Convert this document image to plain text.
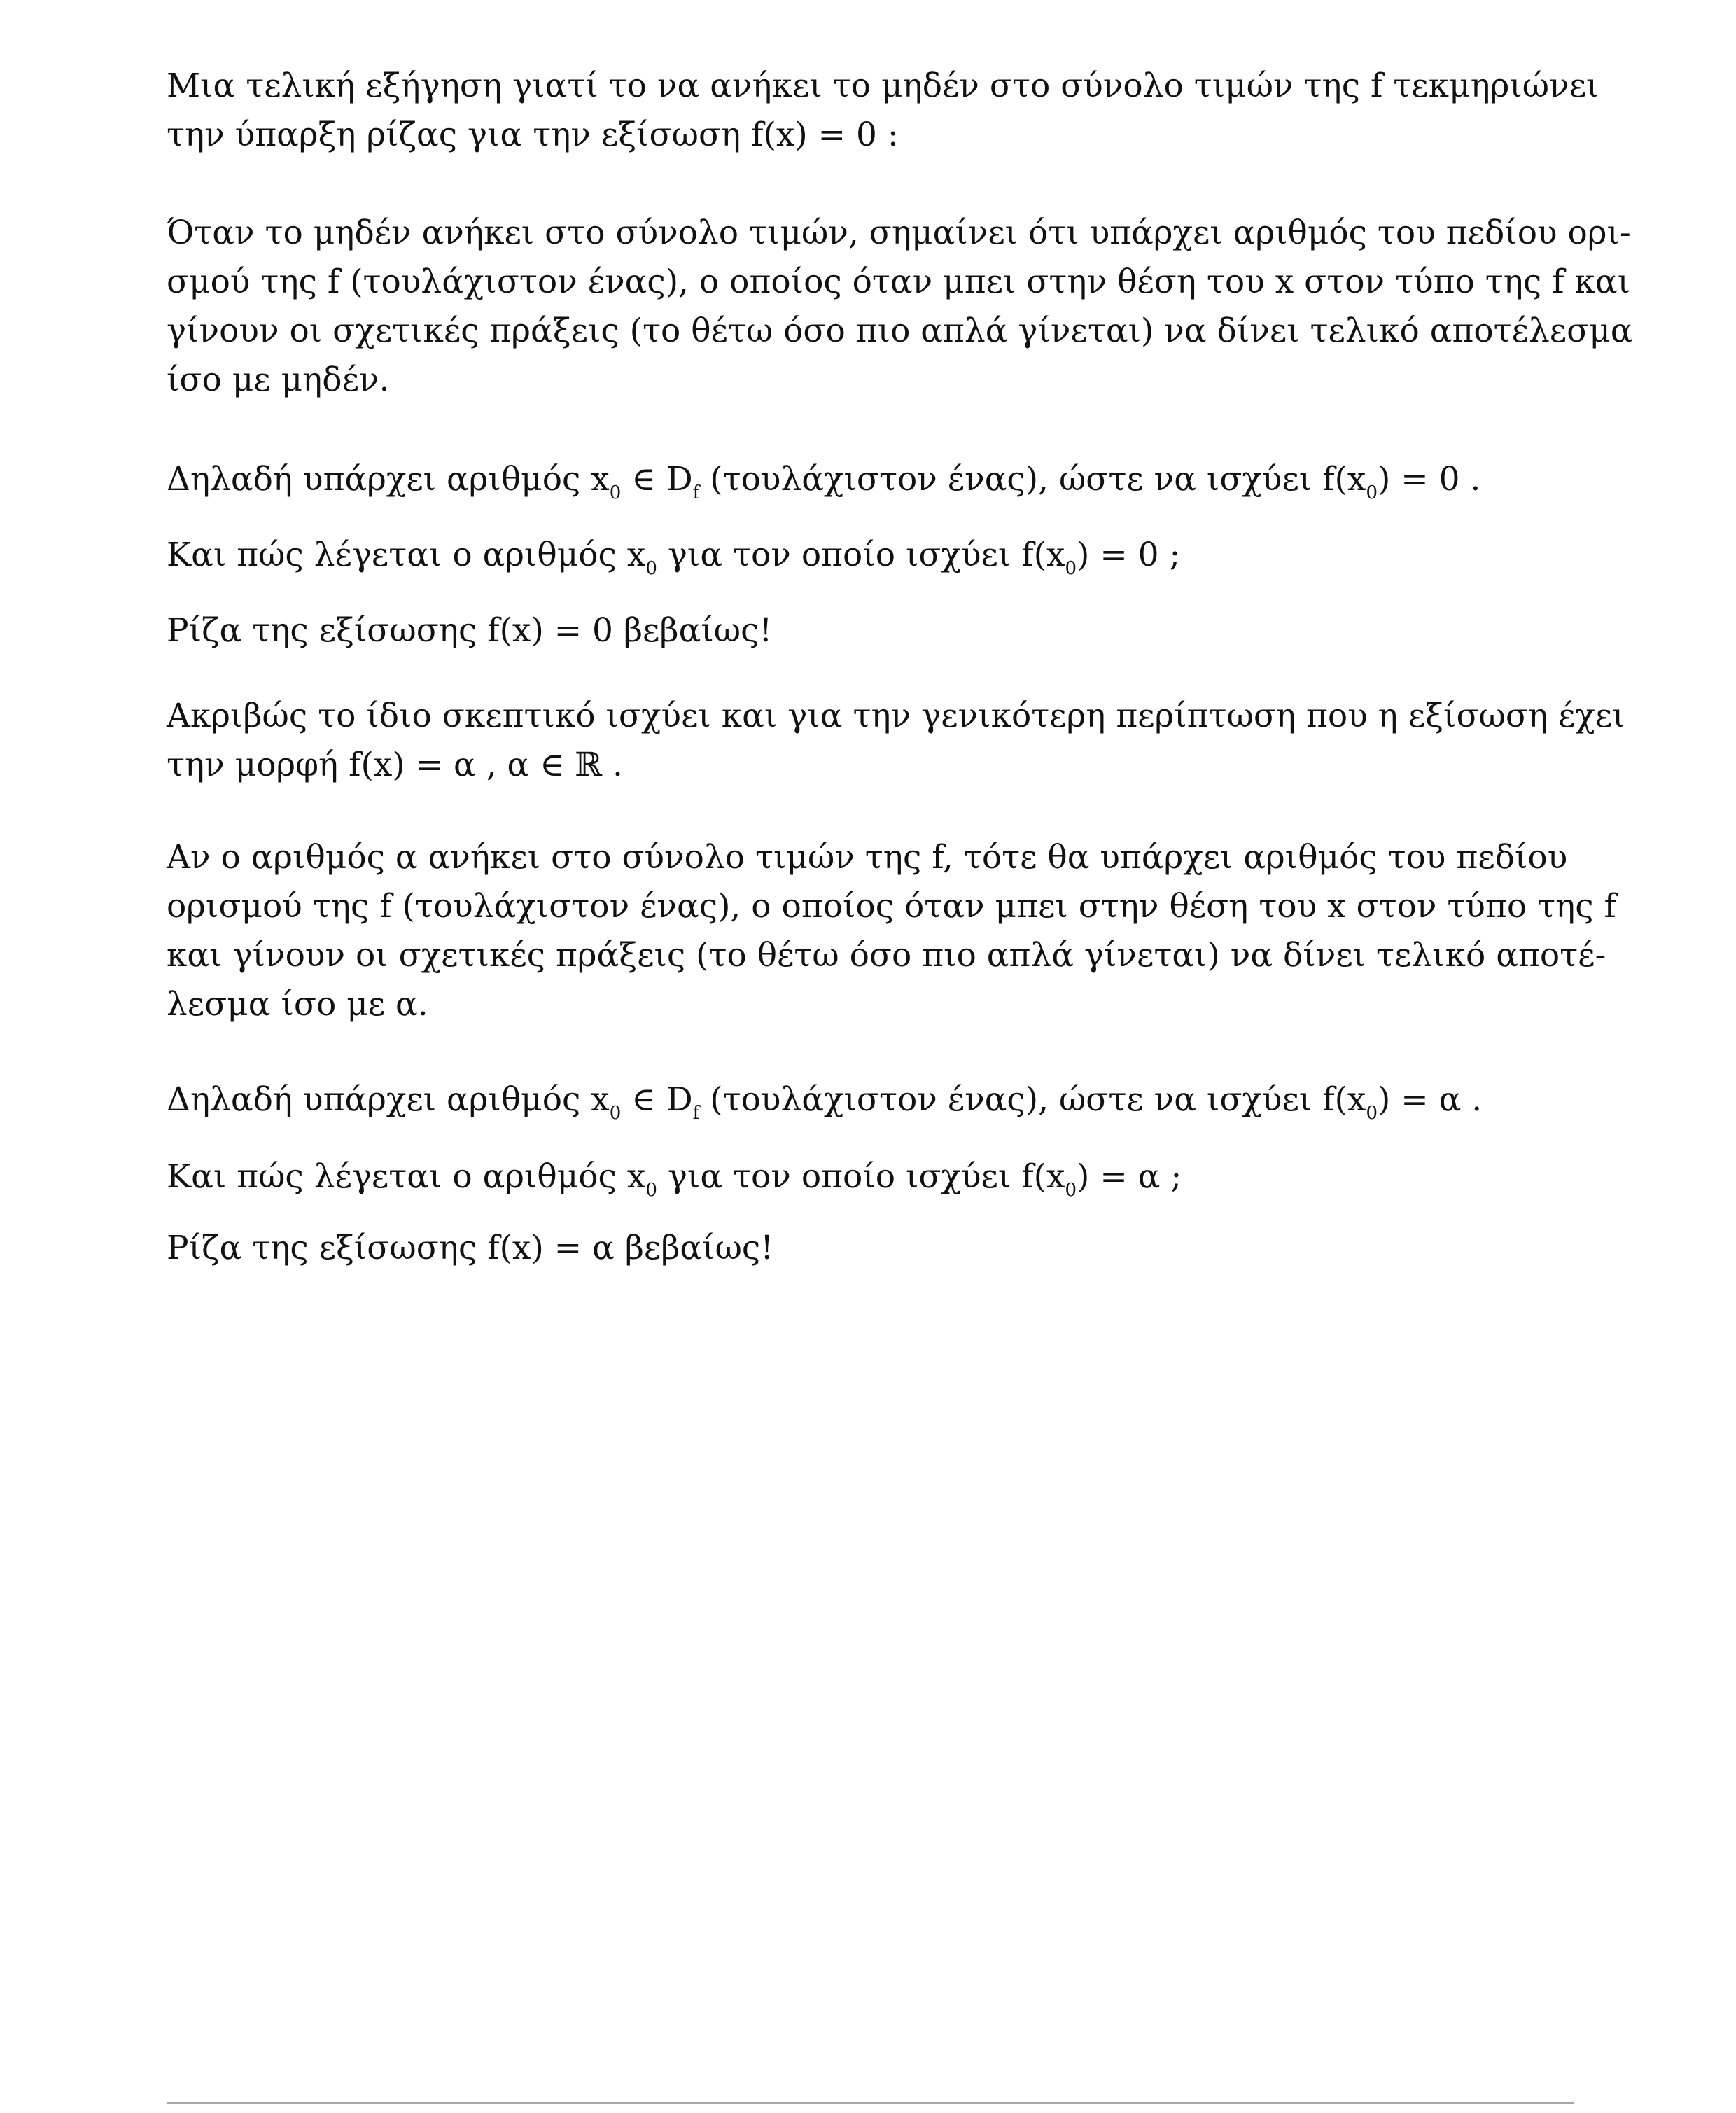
Μια τελική εξήγηση γιατί το να ανήκει το μηδέν στο σύνολο τιμών της f τεκμηριώνει
την ύπαρξη ρίζας για την εξίσωση f(x) = 0 :

Όταν το μηδέν ανήκει στο σύνολο τιμών, σημαίνει ότι υπάρχει αριθμός του πεδίου ορι-
σμού της f (τουλάχιστον ένας), ο οποίος όταν μπει στην θέση του x στον τύπο της f και
γίνουν οι σχετικές πράξεις (το θέτω όσο πιο απλά γίνεται) να δίνει τελικό αποτέλεσμα
ίσο με μηδέν.

Δηλαδή υπάρχει αριθμός $x_0$ ∈ $D_f$ (τουλάχιστον ένας), ώστε να ισχύει $f(x_0) = 0$ .

Και πώς λέγεται ο αριθμός $x_0$ για τον οποίο ισχύει $f(x_0) = 0$ ;

Ρίζα της εξίσωσης f(x) = 0 βεβαίως!

Ακριβώς το ίδιο σκεπτικό ισχύει και για την γενικότερη περίπτωση που η εξίσωση έχει
την μορφή f(x) = α , α ∈ ℝ .

Αν ο αριθμός α ανήκει στο σύνολο τιμών της f, τότε θα υπάρχει αριθμός του πεδίου
ορισμού της f (τουλάχιστον ένας), ο οποίος όταν μπει στην θέση του x στον τύπο της f
και γίνουν οι σχετικές πράξεις (το θέτω όσο πιο απλά γίνεται) να δίνει τελικό αποτέ-
λεσμα ίσο με α.

Δηλαδή υπάρχει αριθμός $x_0$ ∈ $D_f$ (τουλάχιστον ένας), ώστε να ισχύει $f(x_0) = \alpha$ .

Και πώς λέγεται ο αριθμός $x_0$ για τον οποίο ισχύει $f(x_0) = \alpha$ ;

Ρίζα της εξίσωσης f(x) = α βεβαίως!
